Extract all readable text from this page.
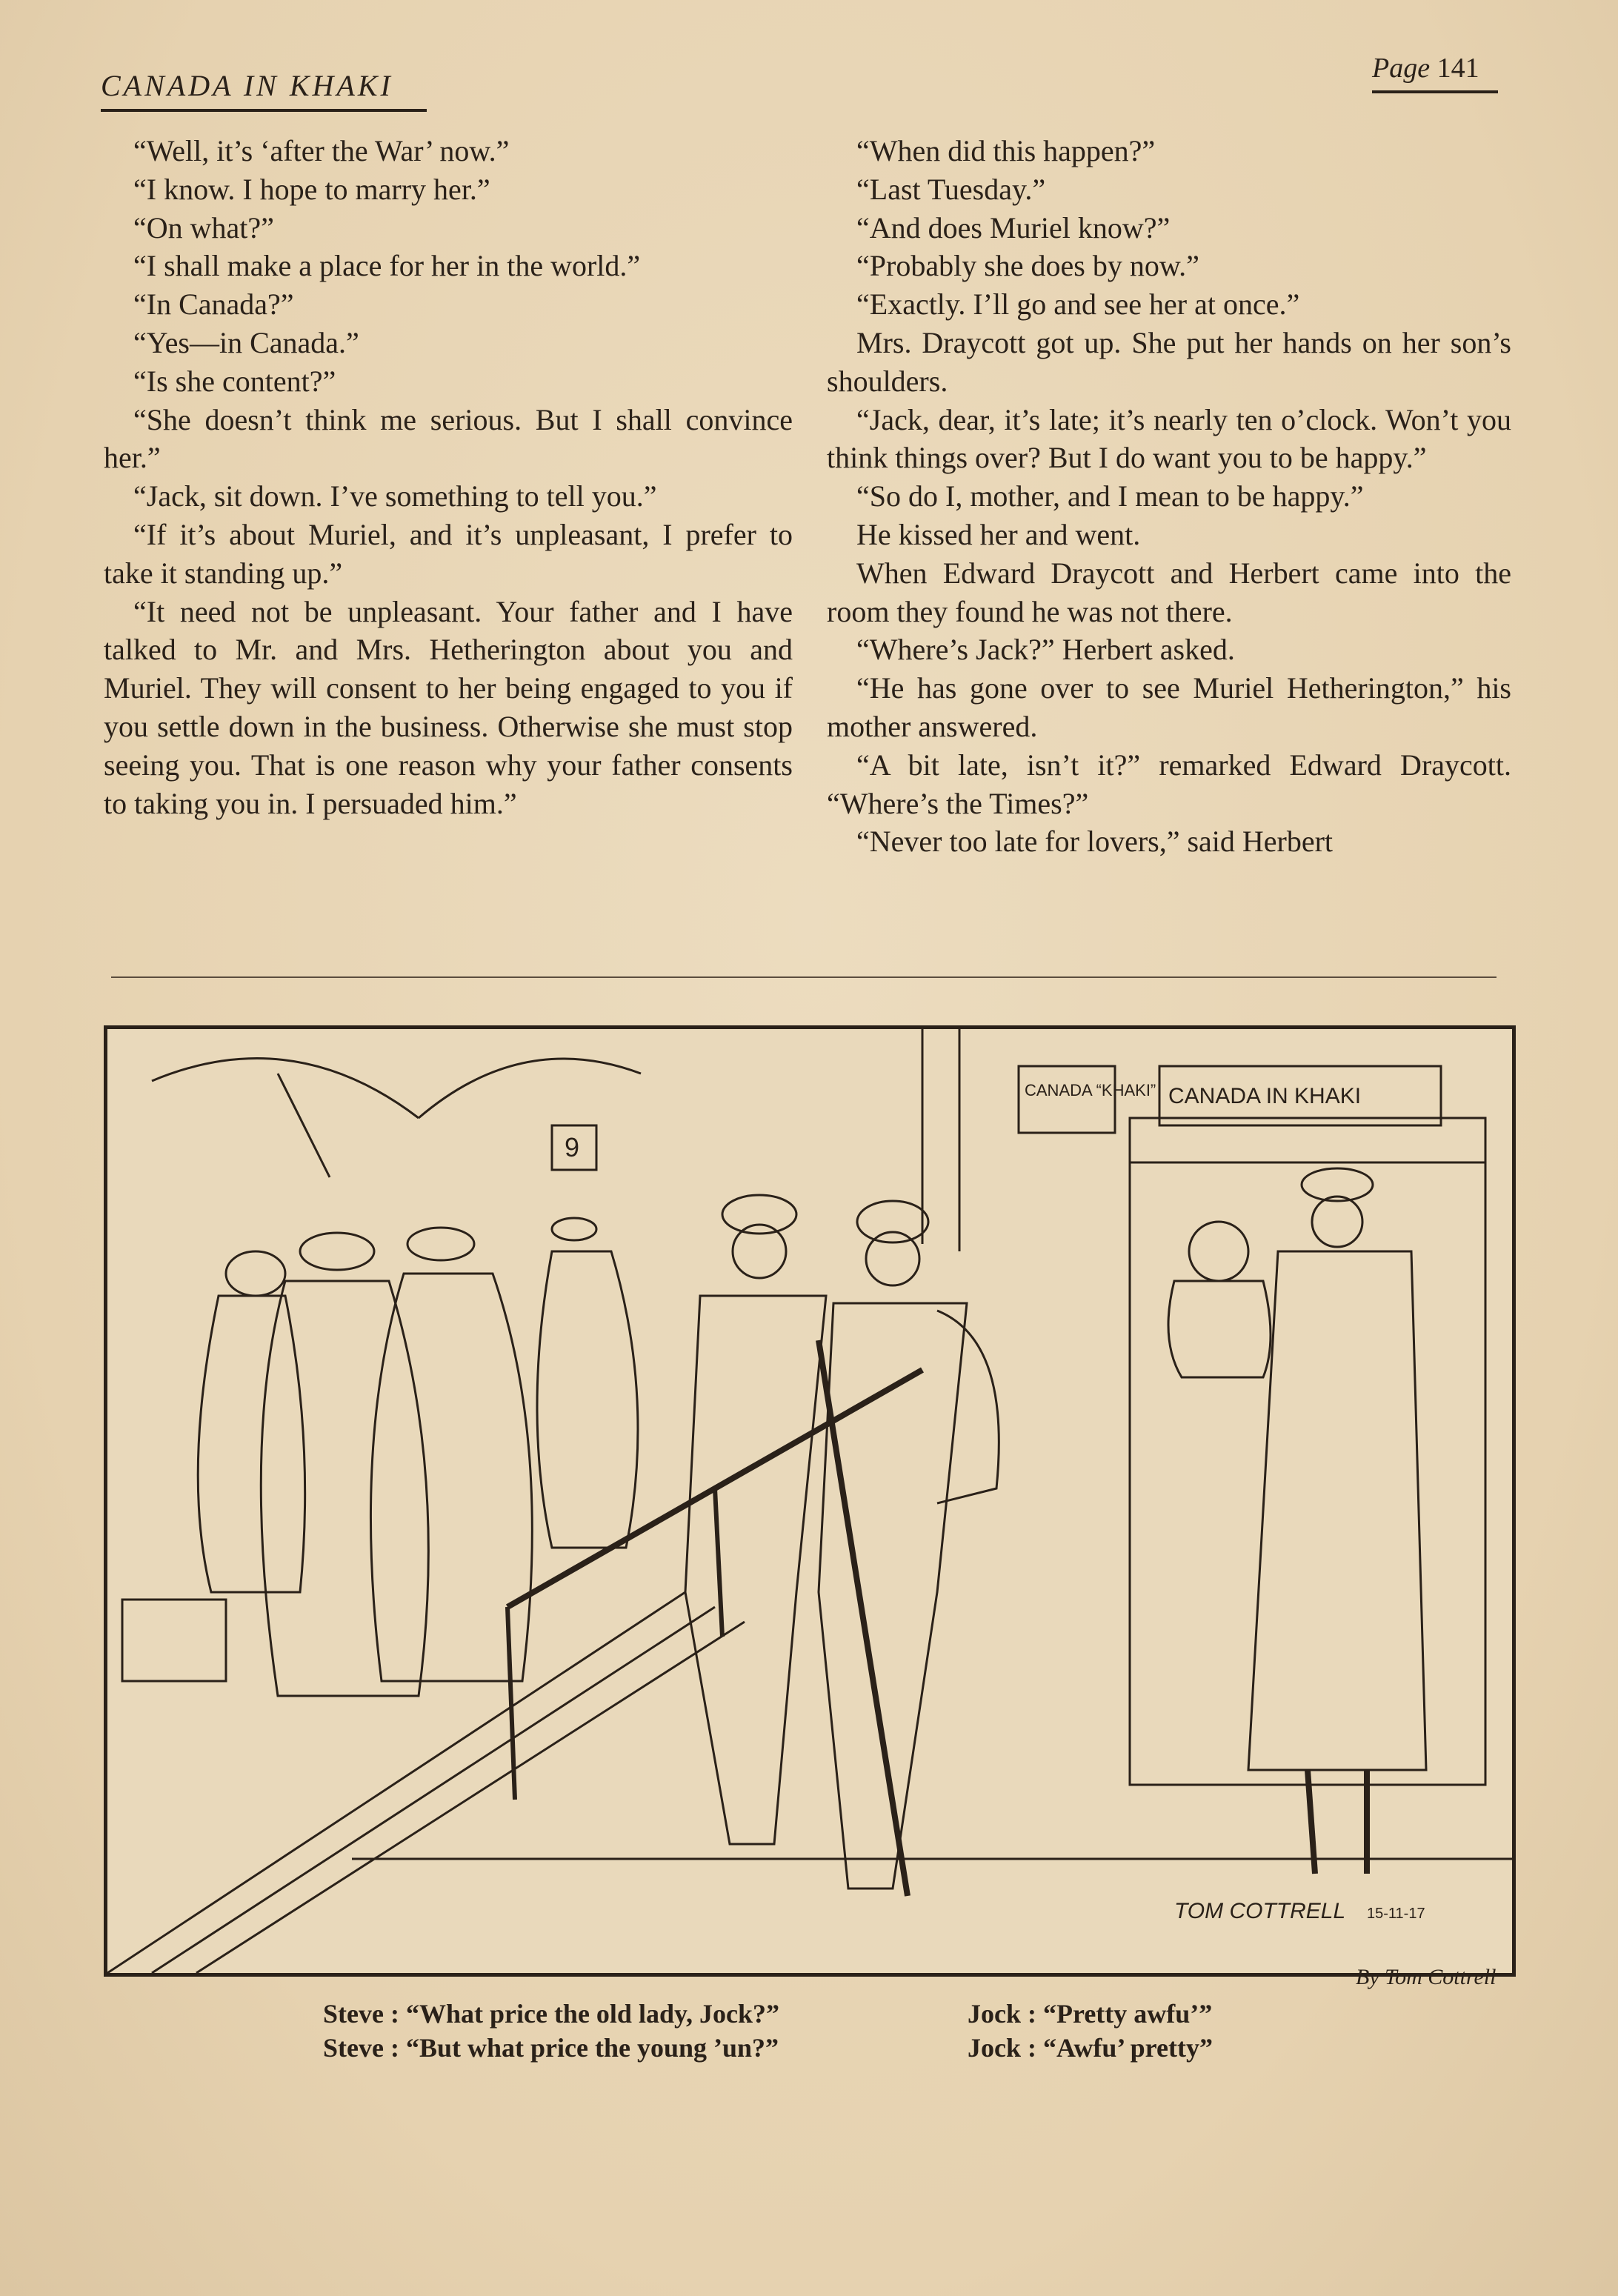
CANADA IN KHAKI
Page 141

“Well, it’s ‘after the War’ now.”

“I know. I hope to marry her.”

“On what?”

“I shall make a place for her in the world.”

“In Canada?”

“Yes—in Canada.”

“Is she content?”

“She doesn’t think me serious. But I shall convince her.”

“Jack, sit down. I’ve something to tell you.”

“If it’s about Muriel, and it’s unpleasant, I prefer to take it standing up.”

“It need not be unpleasant. Your father and I have talked to Mr. and Mrs. Hetherington about you and Muriel. They will consent to her being engaged to you if you settle down in the business. Otherwise she must stop seeing you. That is one reason why your father consents to taking you in. I persuaded him.”

“When did this happen?”

“Last Tuesday.”

“And does Muriel know?”

“Probably she does by now.”

“Exactly. I’ll go and see her at once.”

Mrs. Draycott got up. She put her hands on her son’s shoulders.

“Jack, dear, it’s late; it’s nearly ten o’clock. Won’t you think things over? But I do want you to be happy.”

“So do I, mother, and I mean to be happy.”

He kissed her and went.

When Edward Draycott and Herbert came into the room they found he was not there.

“Where’s Jack?” Herbert asked.

“He has gone over to see Muriel Hetherington,” his mother answered.

“A bit late, isn’t it?” remarked Edward Draycott. “Where’s the Times?”

“Never too late for lovers,” said Herbert

CANADA “KHAKI” CANADA IN KHAKI
9
TOM COTTRELL 15-11-17
By Tom Cottrell
Steve : “What price the old lady, Jock?”	Jock : “Pretty awfu’”
Steve : “But what price the young ’un?”	Jock : “Awfu’ pretty”
